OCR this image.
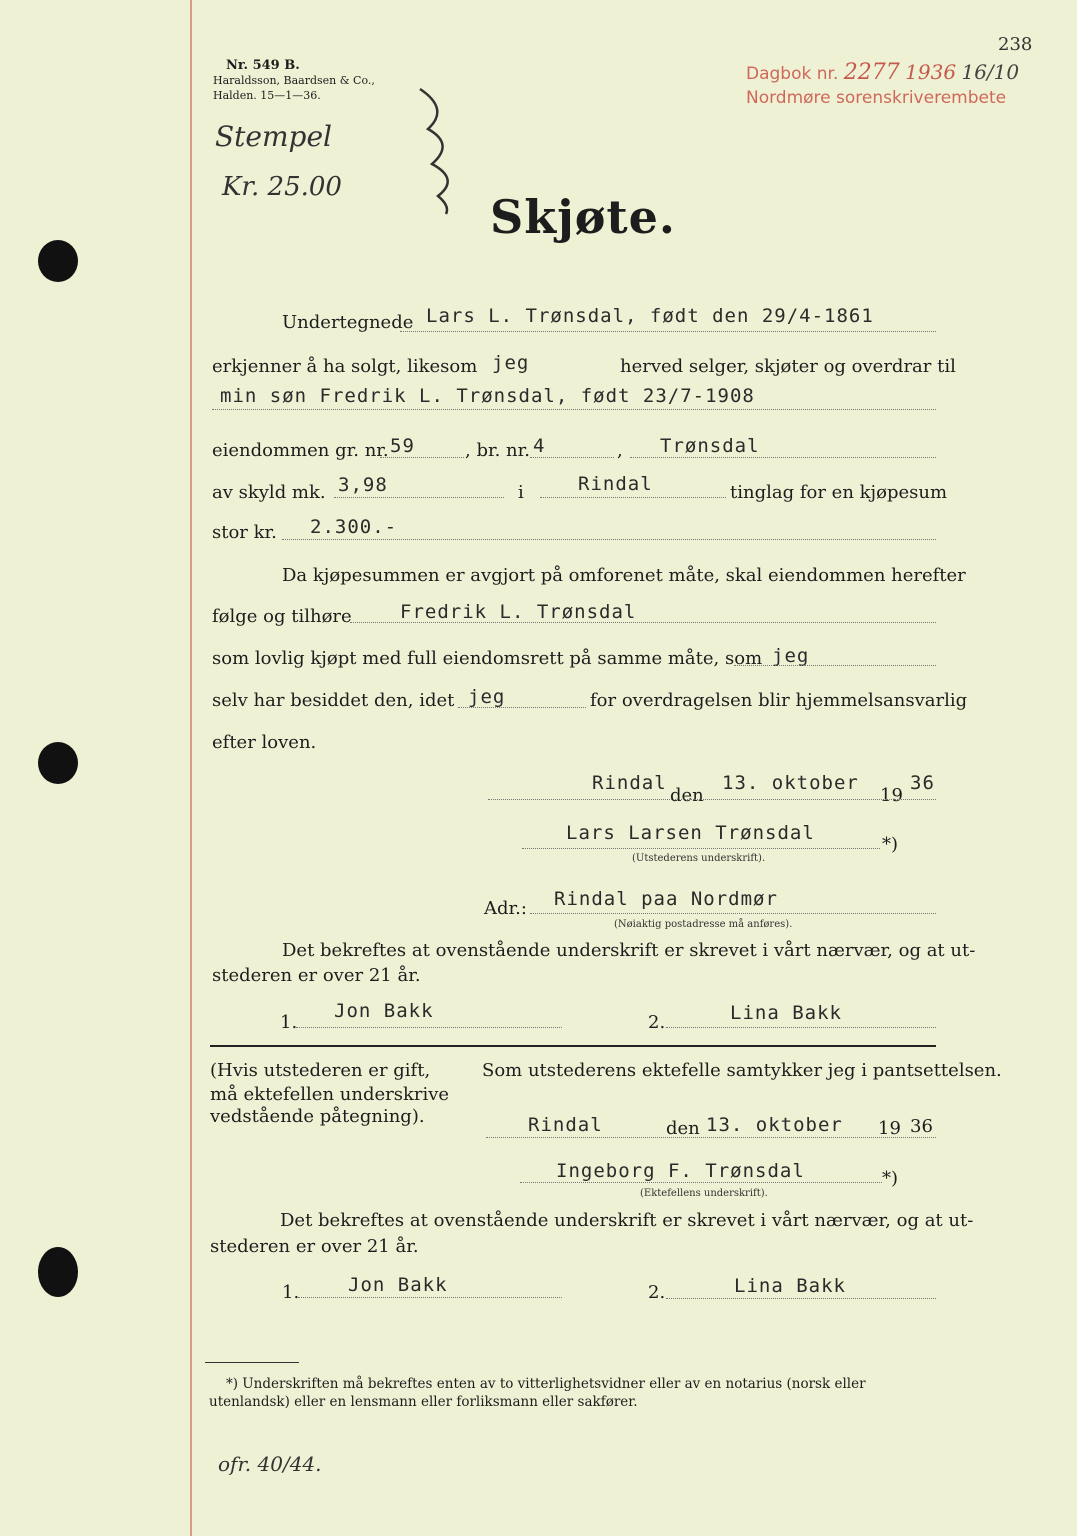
Nr. 549 B.
Haraldsson, Baardsen & Co.,
Halden. 15—1—36.
Stempel
Kr. 25.00
238
Dagbok nr. 2277 1936 16/10
Nordmøre sorenskriverembete
Skjøte.
Undertegnede Lars L. Trønsdal, født den 29/4-1861
erkjenner å ha solgt, likesom jeg	herved selger, skjøter og overdrar til
min søn Fredrik L. Trønsdal, født 23/7-1908
eiendommen gr. nr. 59	, br. nr. 4	, Trønsdal
av skyld mk. 3,98	i	Rindal	tinglag for en kjøpesum
stor kr. 2.300.-
Da kjøpesummen er avgjort på omforenet måte, skal eiendommen herefter
følge og tilhøre	Fredrik L. Trønsdal
som lovlig kjøpt med full eiendomsrett på samme måte, som jeg
selv har besiddet den, idet jeg	for overdragelsen blir hjemmelsansvarlig
efter loven.
Rindal
den
13. oktober
19
36
Lars Larsen Trønsdal
*)
(Utstederens underskrift).
Adr.: Rindal paa Nordmør
(Nøiaktig postadresse må anføres).
Det bekreftes at ovenstående underskrift er skrevet i vårt nærvær, og at ut-
stederen er over 21 år.
1.
Jon Bakk
2.	Lina Bakk
(Hvis utstederen er gift,
må ektefellen underskrive
vedstående påtegning).
Som utstederens ektefelle samtykker jeg i pantsettelsen.
Rindal	den 13. oktober 19 36
Ingeborg F. Trønsdal	*)
(Ektefellens underskrift).
Det bekreftes at ovenstående underskrift er skrevet i vårt nærvær, og at ut-
stederen er over 21 år.
1.	Jon Bakk	2.	Lina Bakk
*) Underskriften må bekreftes enten av to vitterlighetsvidner eller av en notarius (norsk eller
utenlandsk) eller en lensmann eller forliksmann eller sakfører.
ofr. 40/44.
